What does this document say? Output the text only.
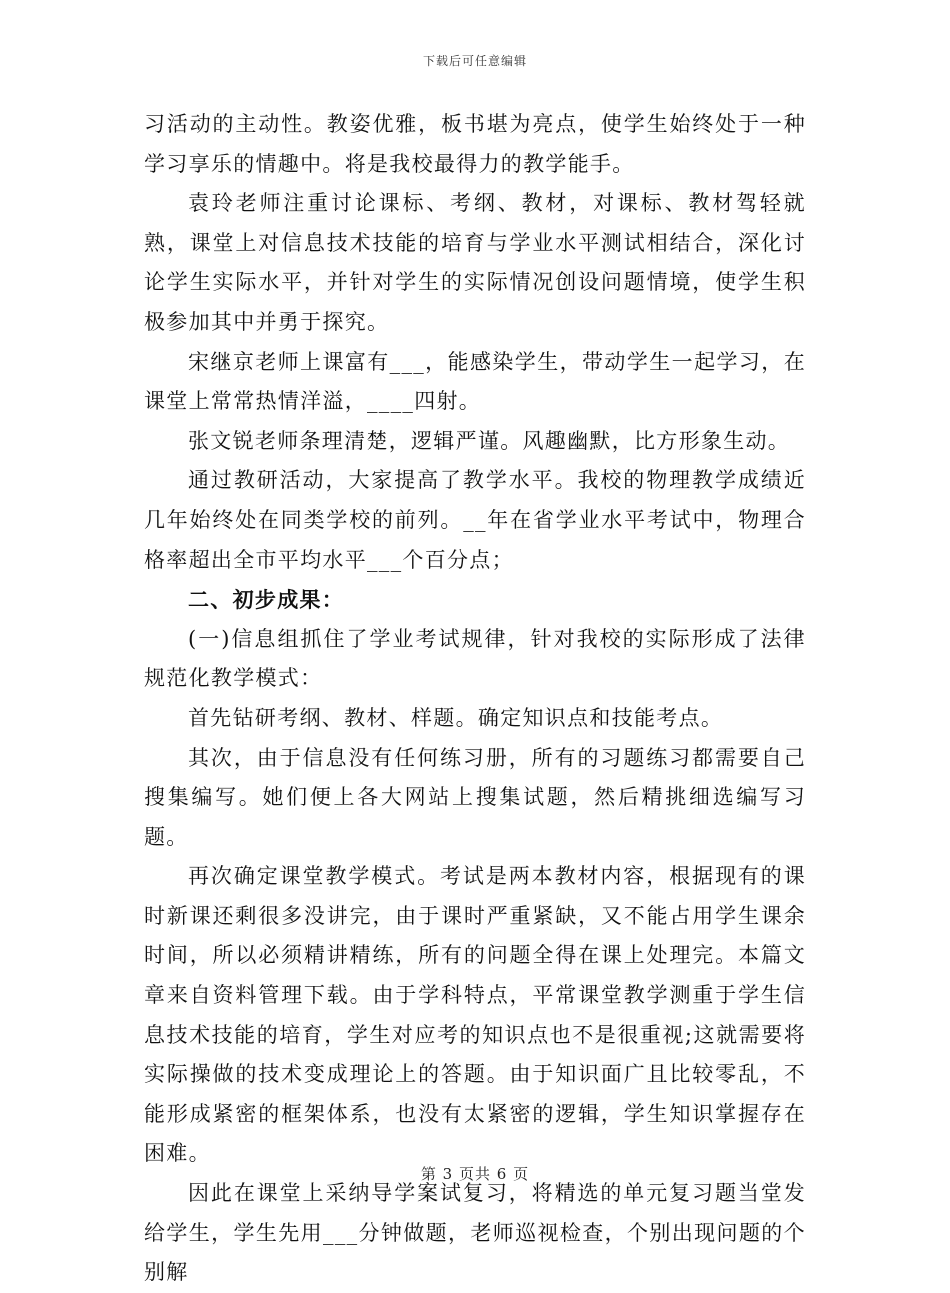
下载后可任意编辑

习活动的主动性。教姿优雅，板书堪为亮点，使学生始终处于一种学习享乐的情趣中。将是我校最得力的教学能手。

袁玲老师注重讨论课标、考纲、教材，对课标、教材驾轻就熟，课堂上对信息技术技能的培育与学业水平测试相结合，深化讨论学生实际水平，并针对学生的实际情况创设问题情境，使学生积极参加其中并勇于探究。

宋继京老师上课富有___，能感染学生，带动学生一起学习，在课堂上常常热情洋溢，____四射。

张文锐老师条理清楚，逻辑严谨。风趣幽默，比方形象生动。

通过教研活动，大家提高了教学水平。我校的物理教学成绩近几年始终处在同类学校的前列。__年在省学业水平考试中，物理合格率超出全市平均水平___个百分点；

二、初步成果：

(一)信息组抓住了学业考试规律，针对我校的实际形成了法律规范化教学模式：

首先钻研考纲、教材、样题。确定知识点和技能考点。

其次，由于信息没有任何练习册，所有的习题练习都需要自己搜集编写。她们便上各大网站上搜集试题，然后精挑细选编写习题。

再次确定课堂教学模式。考试是两本教材内容，根据现有的课时新课还剩很多没讲完，由于课时严重紧缺，又不能占用学生课余时间，所以必须精讲精练，所有的问题全得在课上处理完。本篇文章来自资料管理下载。由于学科特点，平常课堂教学测重于学生信息技术技能的培育，学生对应考的知识点也不是很重视;这就需要将实际操做的技术变成理论上的答题。由于知识面广且比较零乱，不能形成紧密的框架体系，也没有太紧密的逻辑，学生知识掌握存在困难。

因此在课堂上采纳导学案试复习，将精选的单元复习题当堂发给学生，学生先用___分钟做题，老师巡视检查，个别出现问题的个别解

第 3 页共 6 页
